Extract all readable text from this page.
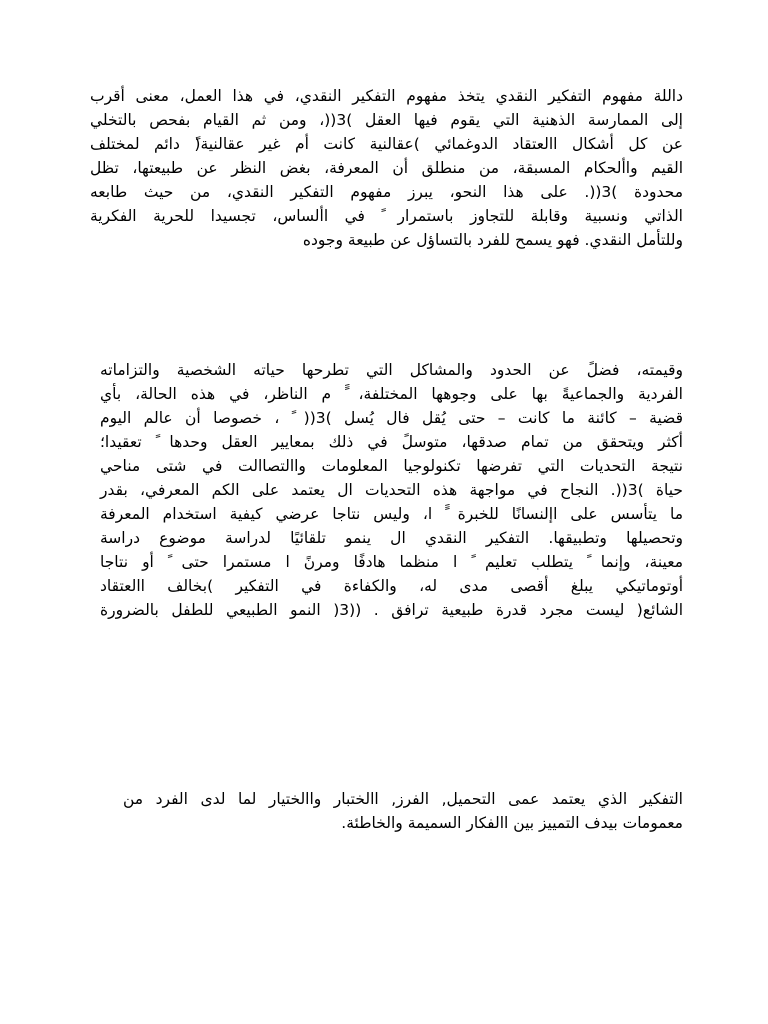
داللة مفهوم التفكير النقدي يتخذ مفهوم التفكير النقدي، في هذا العمل، معنى أقرب
إلى الممارسة الذهنية التي يقوم فيها العقل )3((، ومن ثم القيام بفحص بالتخلي
عن كل أشكال االعتقاد الدوغمائي )عقالنية كانت أم غير عقالنية(ً دائم لمختلف
القيم واألحكام المسبقة، من منطلق أن المعرفة، بغض النظر عن طبيعتها، تظل
محدودة )3((. على هذا النحو، يبرز مفهوم التفكير النقدي، من حيث طابعه
الذاتي ونسبية وقابلة للتجاوز باستمرار ً في األساس، تجسيدا للحرية الفكرية
وللتأمل النقدي. فهو يسمح للفرد بالتساؤل عن طبيعة وجوده
وقيمته، فضلً عن الحدود والمشاكل التي تطرحها حياته الشخصية والتزاماته
الفردية والجماعيةً بها على وجوهها المختلفة، ًَ م الناظر، في هذه الحالة، بأي
قضية – كائنة ما كانت – حتى يُقل فال يُسل )3(( ً ، خصوصا أن عالم اليوم
أكثر ويتحقق من تمام صدقها، متوسلً في ذلك بمعايير العقل وحدها ً تعقيدا؛
نتيجة التحديات التي تفرضها تكنولوجيا المعلومات واالتصاالت في شتى مناحي
حياة )3((. النجاح في مواجهة هذه التحديات ال يعتمد على الكم المعرفي، بقدر
ما يتأسس على اإلنسانًا للخبرة ًَ ا، وليس نتاجا عرضي كيفية استخدام المعرفة
وتحصيلها وتطبيقها. التفكير النقدي ال ينمو تلقائيًا لدراسة موضوع دراسة
معينة، وإنما ً يتطلب تعليم ً ا منظما هادفًا ومرنً ا مستمرا حتى ً أو نتاجا
أوتوماتيكي يبلغ أقصى مدى له، والكفاءة في التفكير )بخالف االعتقاد
الشائع( ليست مجرد قدرة طبيعية ترافق . ((3( النمو الطبيعي للطفل بالضرورة
التفكير الذي يعتمد عمى التحميل, الفرز, االختبار واالختيار لما لدى الفرد من
معمومات بيدف التمييز بين االفكار السميمة والخاطئة.
